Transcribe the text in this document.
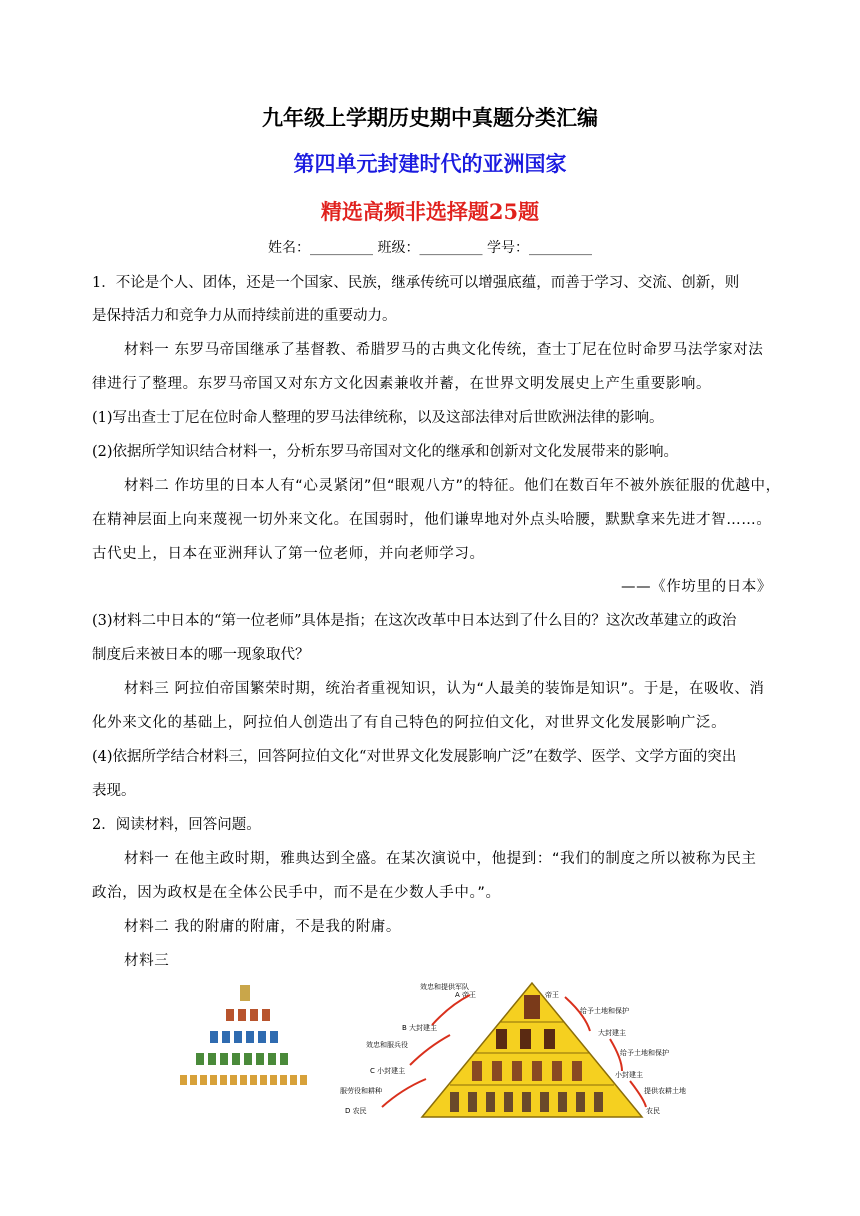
九年级上学期历史期中真题分类汇编
第四单元封建时代的亚洲国家
精选高频非选择题25题
姓名：_________ 班级：_________ 学号：_________
1．不论是个人、团体，还是一个国家、民族，继承传统可以增强底蕴，而善于学习、交流、创新，则
是保持活力和竞争力从而持续前进的重要动力。
材料一 东罗马帝国继承了基督教、希腊罗马的古典文化传统，查士丁尼在位时命罗马法学家对法
律进行了整理。东罗马帝国又对东方文化因素兼收并蓄，在世界文明发展史上产生重要影响。
(1)写出查士丁尼在位时命人整理的罗马法律统称，以及这部法律对后世欧洲法律的影响。
(2)依据所学知识结合材料一，分析东罗马帝国对文化的继承和创新对文化发展带来的影响。
材料二 作坊里的日本人有“心灵紧闭”但“眼观八方”的特征。他们在数百年不被外族征服的优越中，
在精神层面上向来蔑视一切外来文化。在国弱时，他们谦卑地对外点头哈腰，默默拿来先进才智……。
古代史上，日本在亚洲拜认了第一位老师，并向老师学习。
——《作坊里的日本》
(3)材料二中日本的“第一位老师”具体是指；在这次改革中日本达到了什么目的？这次改革建立的政治
制度后来被日本的哪一现象取代？
材料三 阿拉伯帝国繁荣时期，统治者重视知识，认为“人最美的装饰是知识”。于是，在吸收、消
化外来文化的基础上，阿拉伯人创造出了有自己特色的阿拉伯文化，对世界文化发展影响广泛。
(4)依据所学结合材料三，回答阿拉伯文化“对世界文化发展影响广泛”在数学、医学、文学方面的突出
表现。
2．阅读材料，回答问题。
材料一 在他主政时期，雅典达到全盛。在某次演说中，他提到：“我们的制度之所以被称为民主
政治，因为政权是在全体公民手中，而不是在少数人手中。”。
材料二 我的附庸的附庸，不是我的附庸。
材料三
A 帝王
B 大封建主
C 小封建主
D 农民
帝王
大封建主
小封建主
农民
效忠和提供军队
效忠和服兵役
服劳役和耕种
给予土地和保护
给予土地和保护
提供农耕土地
